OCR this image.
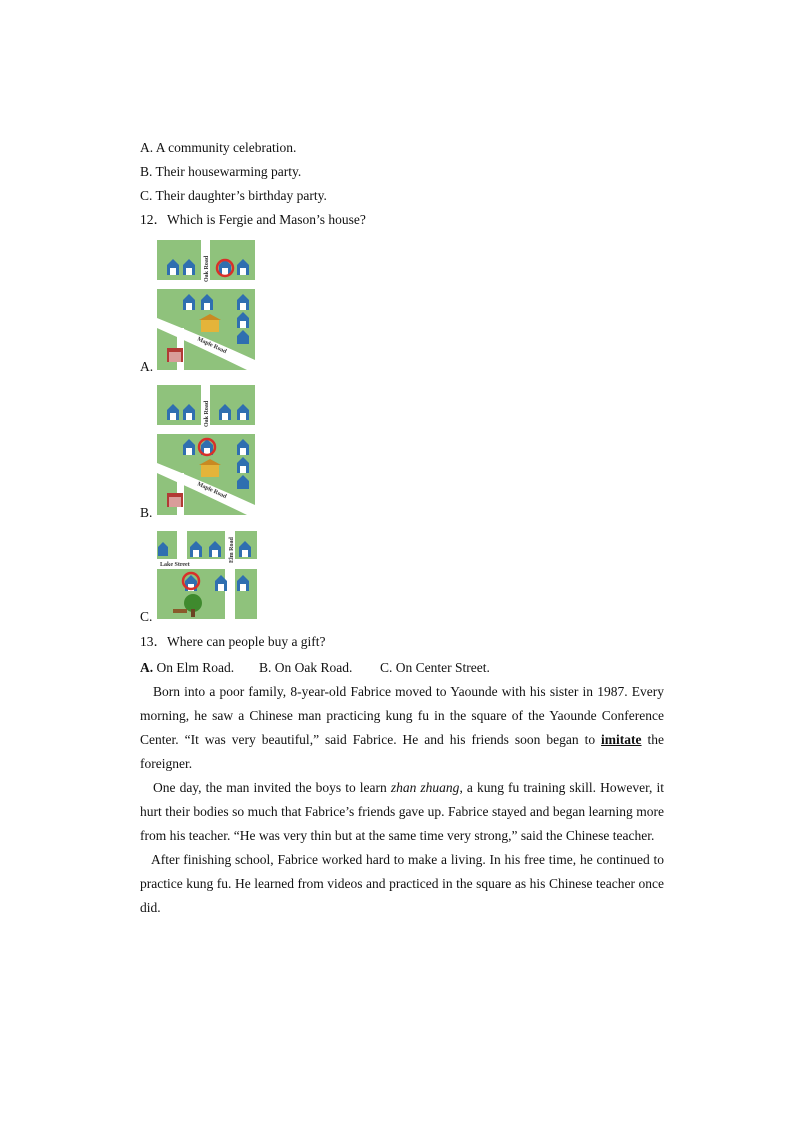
A. A community celebration.
B. Their housewarming party.
C. Their daughter’s birthday party.
12．Which is Fergie and Mason’s house?
Oak Road
Maple Road
A.
Oak Road
Maple Road
B.
Lake Street
Elm Road
C.
13．Where can people buy a gift?
A. On Elm Road. B. On Oak Road. C. On Center Street.

Born into a poor family, 8-year-old Fabrice moved to Yaounde with his sister in 1987. Every morning, he saw a Chinese man practicing kung fu in the square of the Yaounde Conference Center. “It was very beautiful,” said Fabrice. He and his friends soon began to imitate the foreigner.

One day, the man invited the boys to learn zhan zhuang, a kung fu training skill. However, it hurt their bodies so much that Fabrice’s friends gave up. Fabrice stayed and began learning more from his teacher. “He was very thin but at the same time very strong,” said the Chinese teacher.

After finishing school, Fabrice worked hard to make a living. In his free time, he continued to practice kung fu. He learned from videos and practiced in the square as his Chinese teacher once did.
